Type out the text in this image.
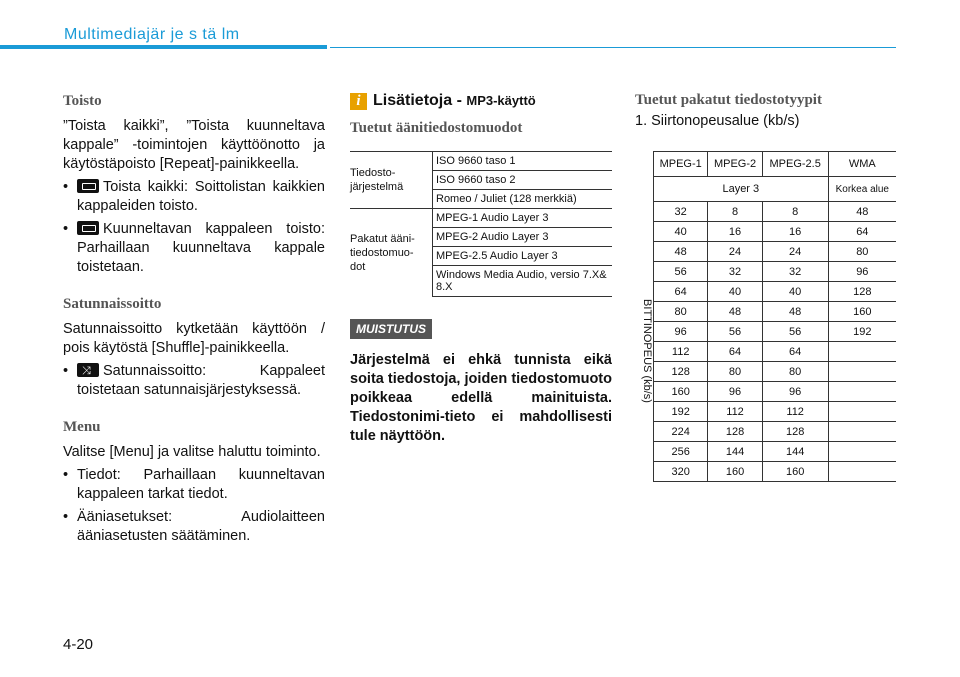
Multimediajär je s tä lm
Toisto
”Toista kaikki”, ”Toista kuunneltava kappale” -toimintojen käyttöönotto ja käytöstäpoisto [Repeat]-painikkeella.
• Toista kaikki: Soittolistan kaikkien kappaleiden toisto.
• Kuunneltavan kappaleen toisto: Parhaillaan kuunneltava kappale toistetaan.
Satunnaissoitto
Satunnaissoitto kytketään käyttöön / pois käytöstä [Shuffle]-painikkeella.
• ⤨ Satunnaissoitto: Kappaleet toistetaan satunnaisjärjestyksessä.
Menu
Valitse [Menu] ja valitse haluttu toiminto.
• Tiedot: Parhaillaan kuunneltavan kappaleen tarkat tiedot.
• Ääniasetukset: Audiolaitteen ääniasetusten säätäminen.
i Lisätietoja - MP3-käyttö
Tuetut äänitiedostomuodot
Tiedosto-
järjestelmä	ISO 9660 taso 1
	ISO 9660 taso 2
	Romeo / Juliet (128 merkkiä)
Pakatut ääni-
tiedostomuo-
dot	MPEG-1 Audio Layer 3
	MPEG-2 Audio Layer 3
	MPEG-2.5 Audio Layer 3
	Windows Media Audio, versio 7.X& 8.X
MUISTUTUS
Järjestelmä ei ehkä tunnista eikä soita tiedostoja, joiden tiedostomuoto poikkeaa edellä mainituista. Tiedostonimi-tieto ei mahdollisesti tule näyttöön.
Tuetut pakatut tiedostotyypit
1. Siirtonopeusalue (kb/s)
BITTINOPEUS (kb/s)
MPEG-1	MPEG-2	MPEG-2.5	WMA
Layer 3			Korkea alue
32	8	8	48
40	16	16	64
48	24	24	80
56	32	32	96
64	40	40	128
80	48	48	160
96	56	56	192
112	64	64	
128	80	80	
160	96	96	
192	112	112	
224	128	128	
256	144	144	
320	160	160	
4-20
